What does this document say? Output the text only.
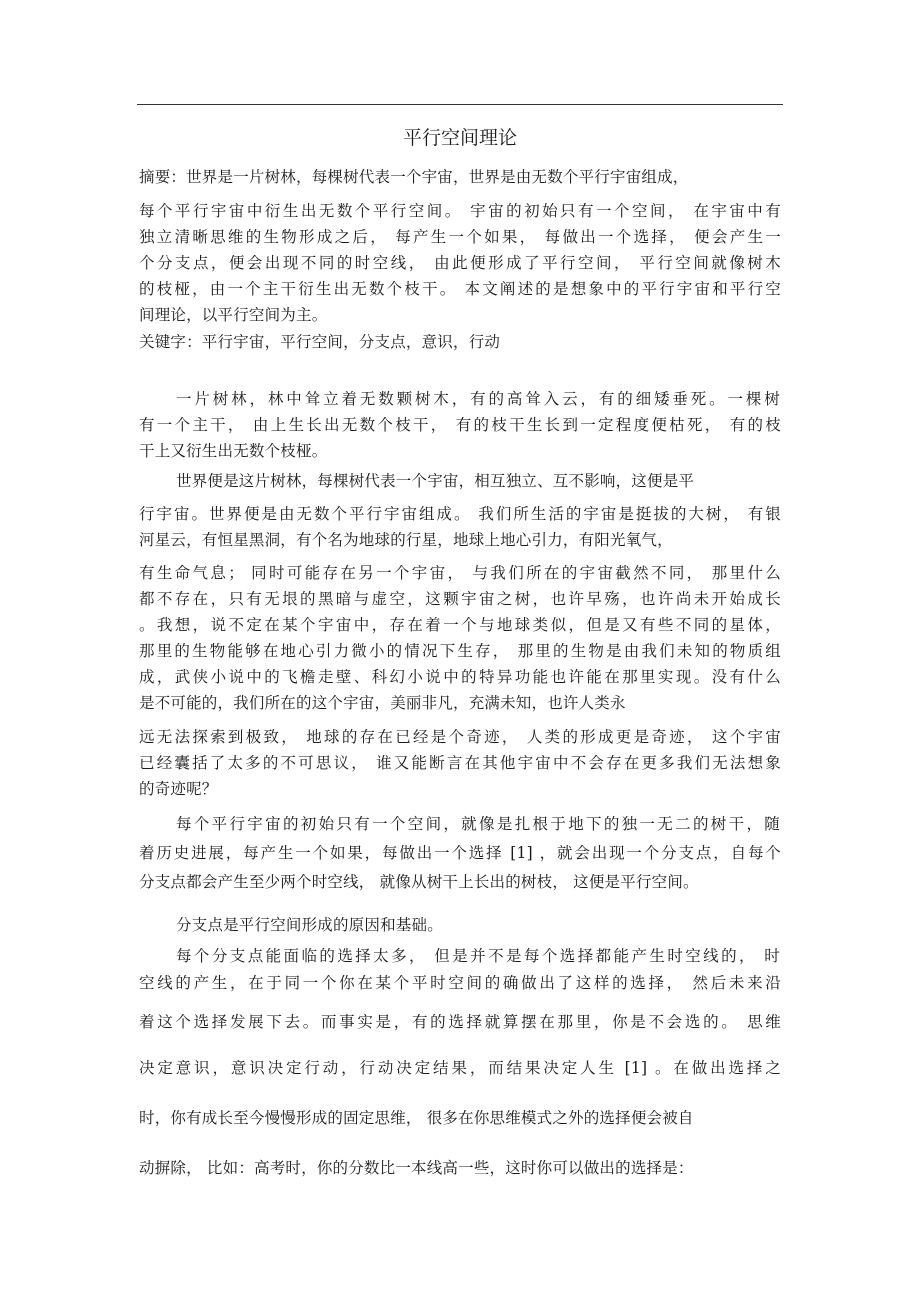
平行空间理论
摘要：世界是一片树林，每棵树代表一个宇宙，世界是由无数个平行宇宙组成，
每个平行宇宙中衍生出无数个平行空间。 宇宙的初始只有一个空间， 在宇宙中有
独立清晰思维的生物形成之后， 每产生一个如果， 每做出一个选择， 便会产生一
个分支点，便会出现不同的时空线， 由此便形成了平行空间， 平行空间就像树木
的枝桠，由一个主干衍生出无数个枝干。 本文阐述的是想象中的平行宇宙和平行空
间理论，以平行空间为主。
关键字：平行宇宙，平行空间，分支点，意识，行动
一片树林，林中耸立着无数颗树木，有的高耸入云，有的细矮垂死。一棵树
有一个主干， 由上生长出无数个枝干， 有的枝干生长到一定程度便枯死， 有的枝
干上又衍生出无数个枝桠。
世界便是这片树林，每棵树代表一个宇宙，相互独立、互不影响，这便是平
行宇宙。世界便是由无数个平行宇宙组成。 我们所生活的宇宙是挺拔的大树， 有银
河星云，有恒星黑洞，有个名为地球的行星，地球上地心引力，有阳光氧气，
有生命气息； 同时可能存在另一个宇宙， 与我们所在的宇宙截然不同， 那里什么
都不存在，只有无垠的黑暗与虚空，这颗宇宙之树，也许早殇，也许尚未开始成长
。我想，说不定在某个宇宙中，存在着一个与地球类似，但是又有些不同的星体，
那里的生物能够在地心引力微小的情况下生存， 那里的生物是由我们未知的物质组
成，武侠小说中的飞檐走壁、科幻小说中的特异功能也许能在那里实现。没有什么
是不可能的，我们所在的这个宇宙，美丽非凡，充满未知，也许人类永
远无法探索到极致， 地球的存在已经是个奇迹， 人类的形成更是奇迹， 这个宇宙
已经囊括了太多的不可思议， 谁又能断言在其他宇宙中不会存在更多我们无法想象
的奇迹呢？
每个平行宇宙的初始只有一个空间，就像是扎根于地下的独一无二的树干，随
着历史进展，每产生一个如果，每做出一个选择 [1] ，就会出现一个分支点，自每个
分支点都会产生至少两个时空线， 就像从树干上长出的树枝， 这便是平行空间。
分支点是平行空间形成的原因和基础。
每个分支点能面临的选择太多， 但是并不是每个选择都能产生时空线的， 时
空线的产生，在于同一个你在某个平时空间的确做出了这样的选择， 然后未来沿
着这个选择发展下去。而事实是，有的选择就算摆在那里，你是不会选的。 思维
决定意识，意识决定行动，行动决定结果，而结果决定人生 [1] 。在做出选择之
时，你有成长至今慢慢形成的固定思维， 很多在你思维模式之外的选择便会被自
动摒除， 比如：高考时，你的分数比一本线高一些，这时你可以做出的选择是：
